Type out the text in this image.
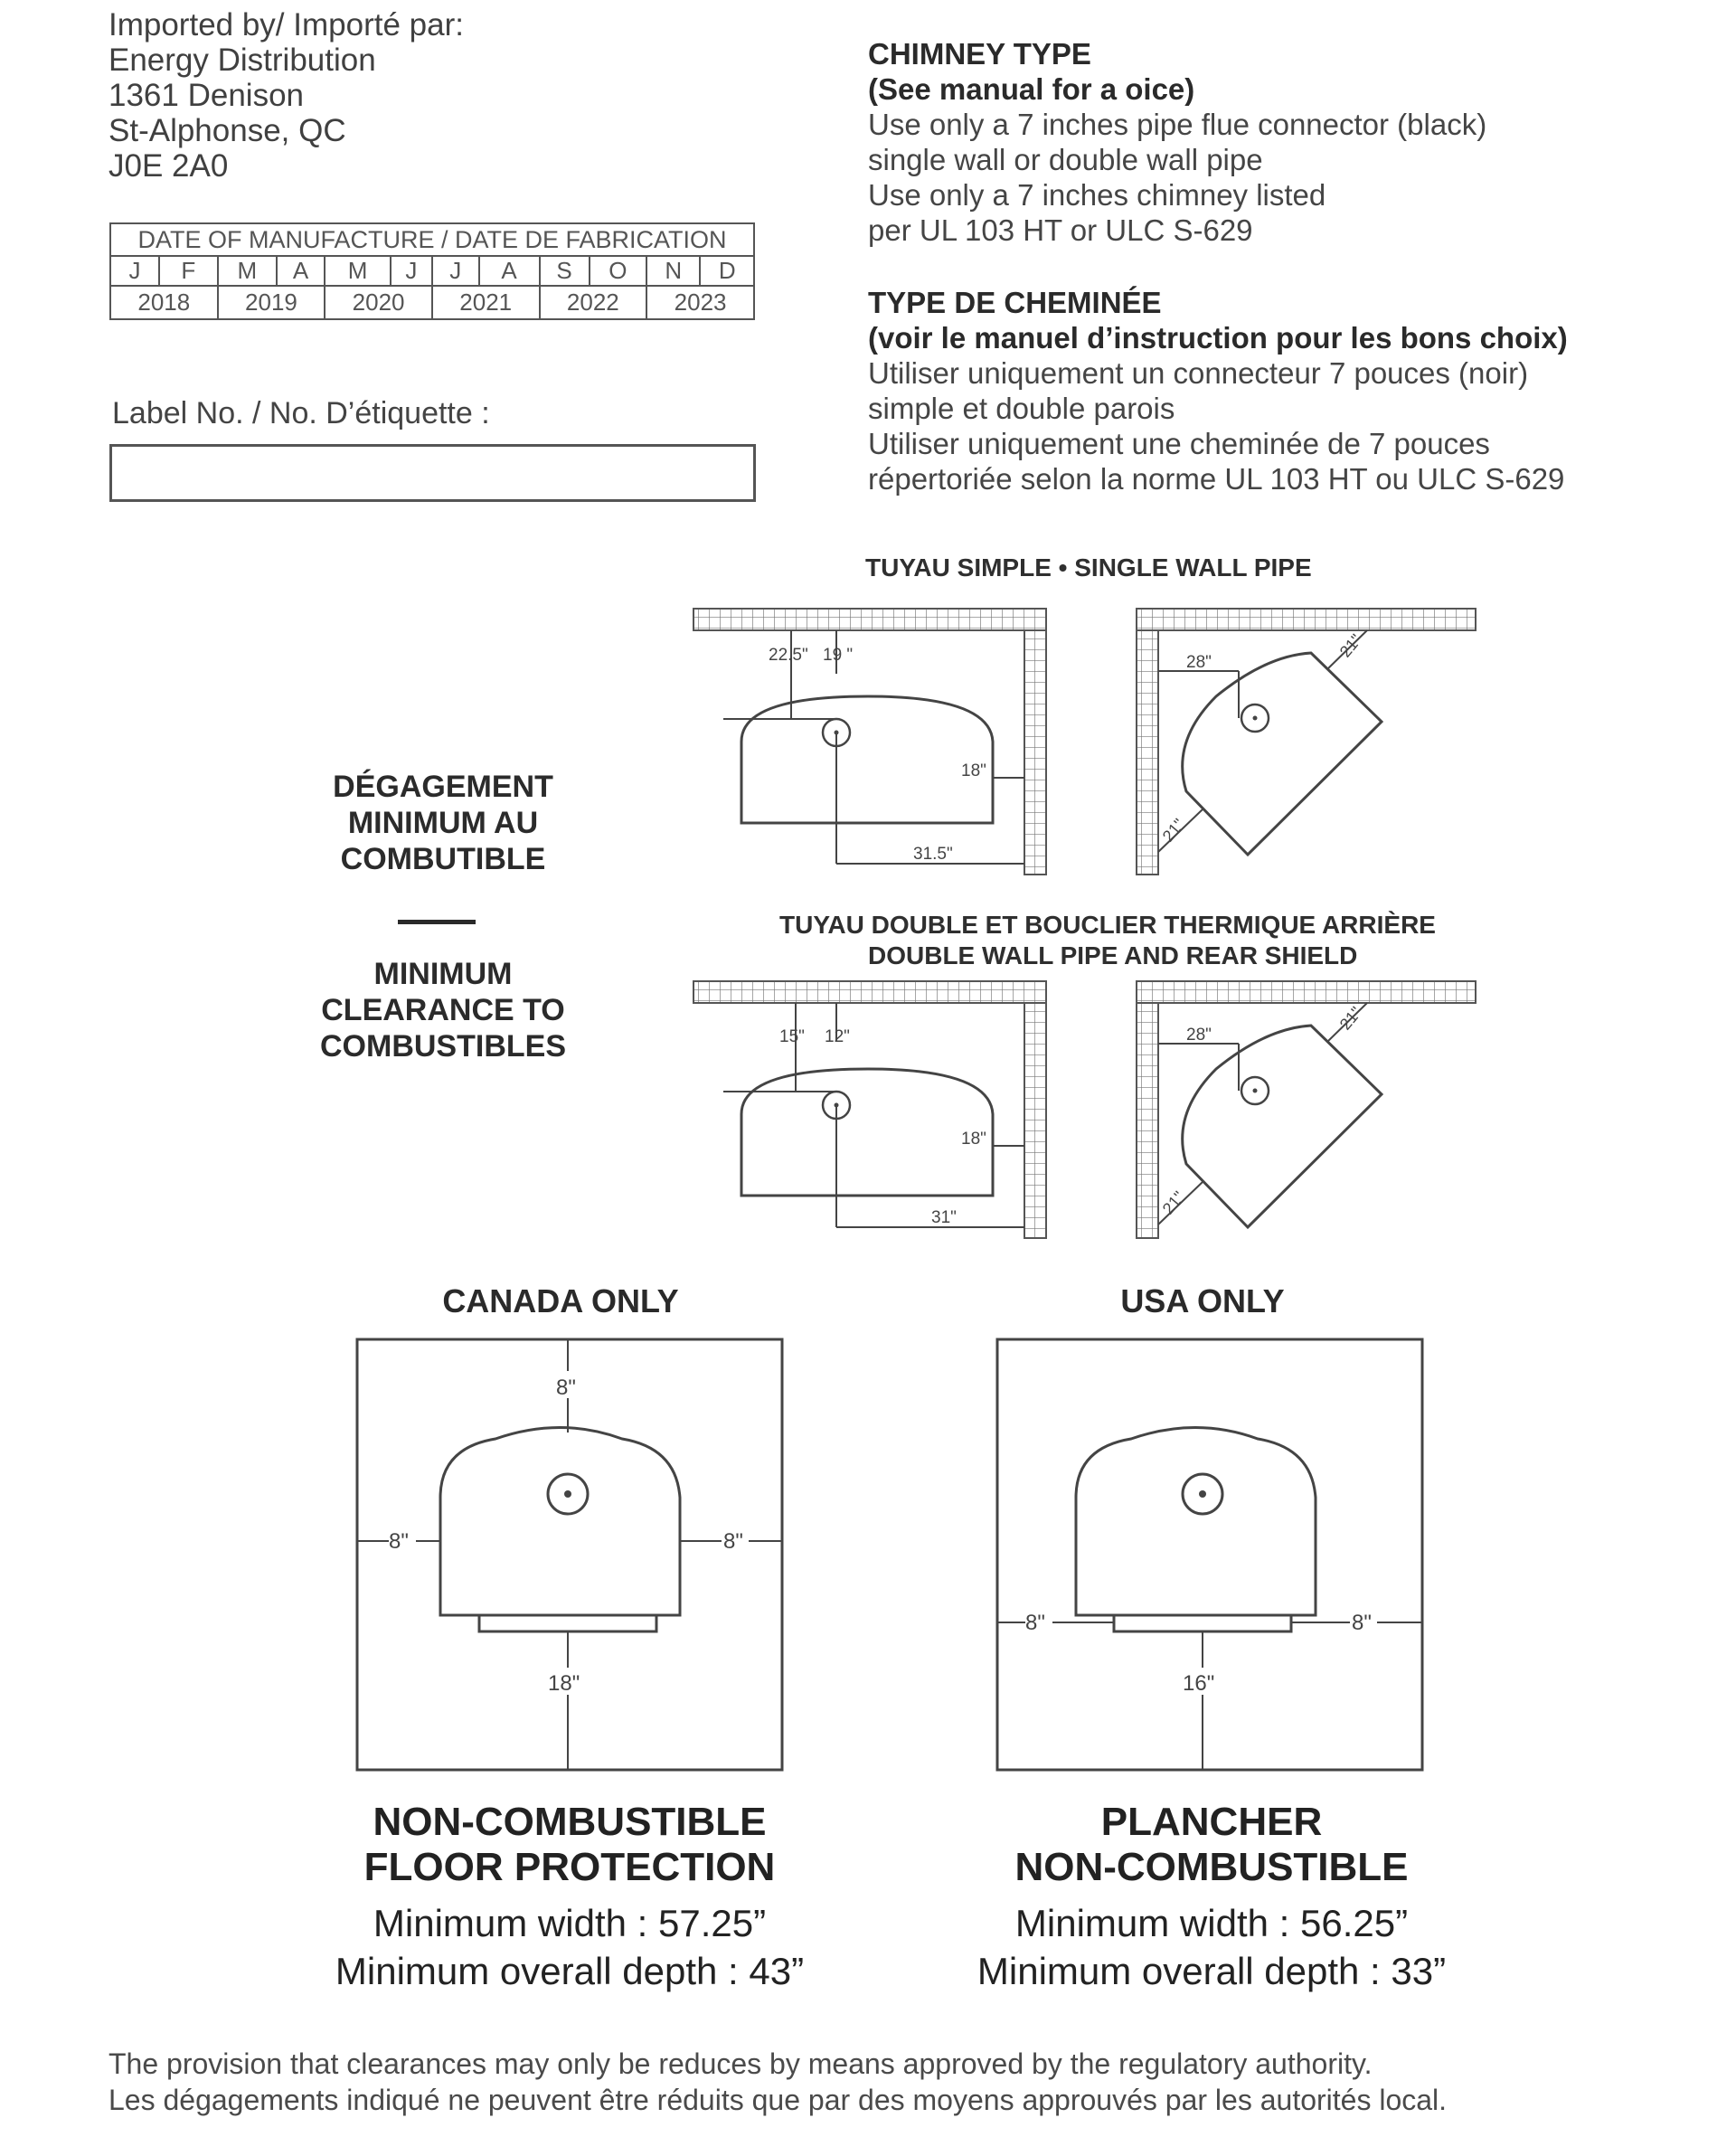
Imported by/ Importé par:
Energy Distribution
1361 Denison
St-Alphonse, QC
J0E 2A0
CHIMNEY TYPE
(See manual for a oice)
Use only a 7 inches pipe flue connector (black)
single wall or double wall pipe
Use only a 7 inches chimney listed
per UL 103 HT or ULC S-629
TYPE DE CHEMINÉE
(voir le manuel d’instruction pour les bons choix)
Utiliser uniquement un connecteur 7 pouces (noir)
simple et double parois
Utiliser uniquement une cheminée de 7 pouces
répertoriée selon la norme UL 103 HT ou ULC S-629
DATE OF MANUFACTURE / DATE DE FABRICATION											
J	F	M	A	M	J	J	A	S	O	N	D
2018		2019		2020		2021		2022		2023	
Label No. / No. D’étiquette :
DÉGAGEMENT
MINIMUM AU
COMBUTIBLE
MINIMUM
CLEARANCE TO
COMBUSTIBLES
TUYAU SIMPLE • SINGLE WALL PIPE
TUYAU DOUBLE ET BOUCLIER THERMIQUE ARRIÈRE
DOUBLE WALL PIPE AND REAR SHIELD
22.5" 19 "
18"
31.5"
28"
21"
21"
15" 12"
18"
31"
28"
21"
21"
CANADA ONLY	USA ONLY
8"
8"	8"
18"
8"	8"
16"
NON-COMBUSTIBLE
FLOOR PROTECTION
Minimum width : 57.25”
Minimum overall depth : 43”
PLANCHER
NON-COMBUSTIBLE
Minimum width : 56.25”
Minimum overall depth : 33”
The provision that clearances may only be reduces by means approved by the regulatory authority.
Les dégagements indiqué ne peuvent être réduits que par des moyens approuvés par les autorités local.
